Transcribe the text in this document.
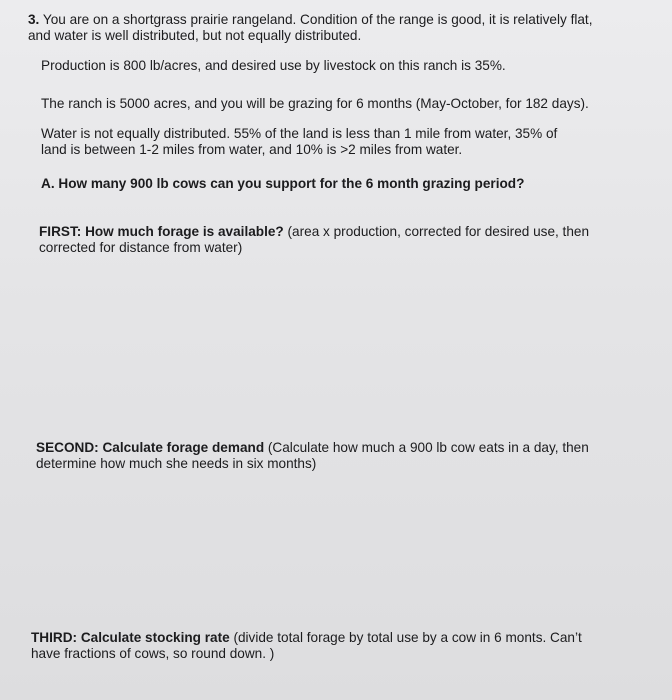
3. You are on a shortgrass prairie rangeland. Condition of the range is good, it is relatively flat, and water is well distributed, but not equally distributed.

Production is 800 lb/acres, and desired use by livestock on this ranch is 35%.

The ranch is 5000 acres, and you will be grazing for 6 months (May-October, for 182 days).

Water is not equally distributed. 55% of the land is less than 1 mile from water, 35% of land is between 1-2 miles from water, and 10% is >2 miles from water.

A. How many 900 lb cows can you support for the 6 month grazing period?

FIRST: How much forage is available? (area x production, corrected for desired use, then corrected for distance from water)

SECOND: Calculate forage demand (Calculate how much a 900 lb cow eats in a day, then determine how much she needs in six months)

THIRD: Calculate stocking rate (divide total forage by total use by a cow in 6 monts. Can’t have fractions of cows, so round down. )
